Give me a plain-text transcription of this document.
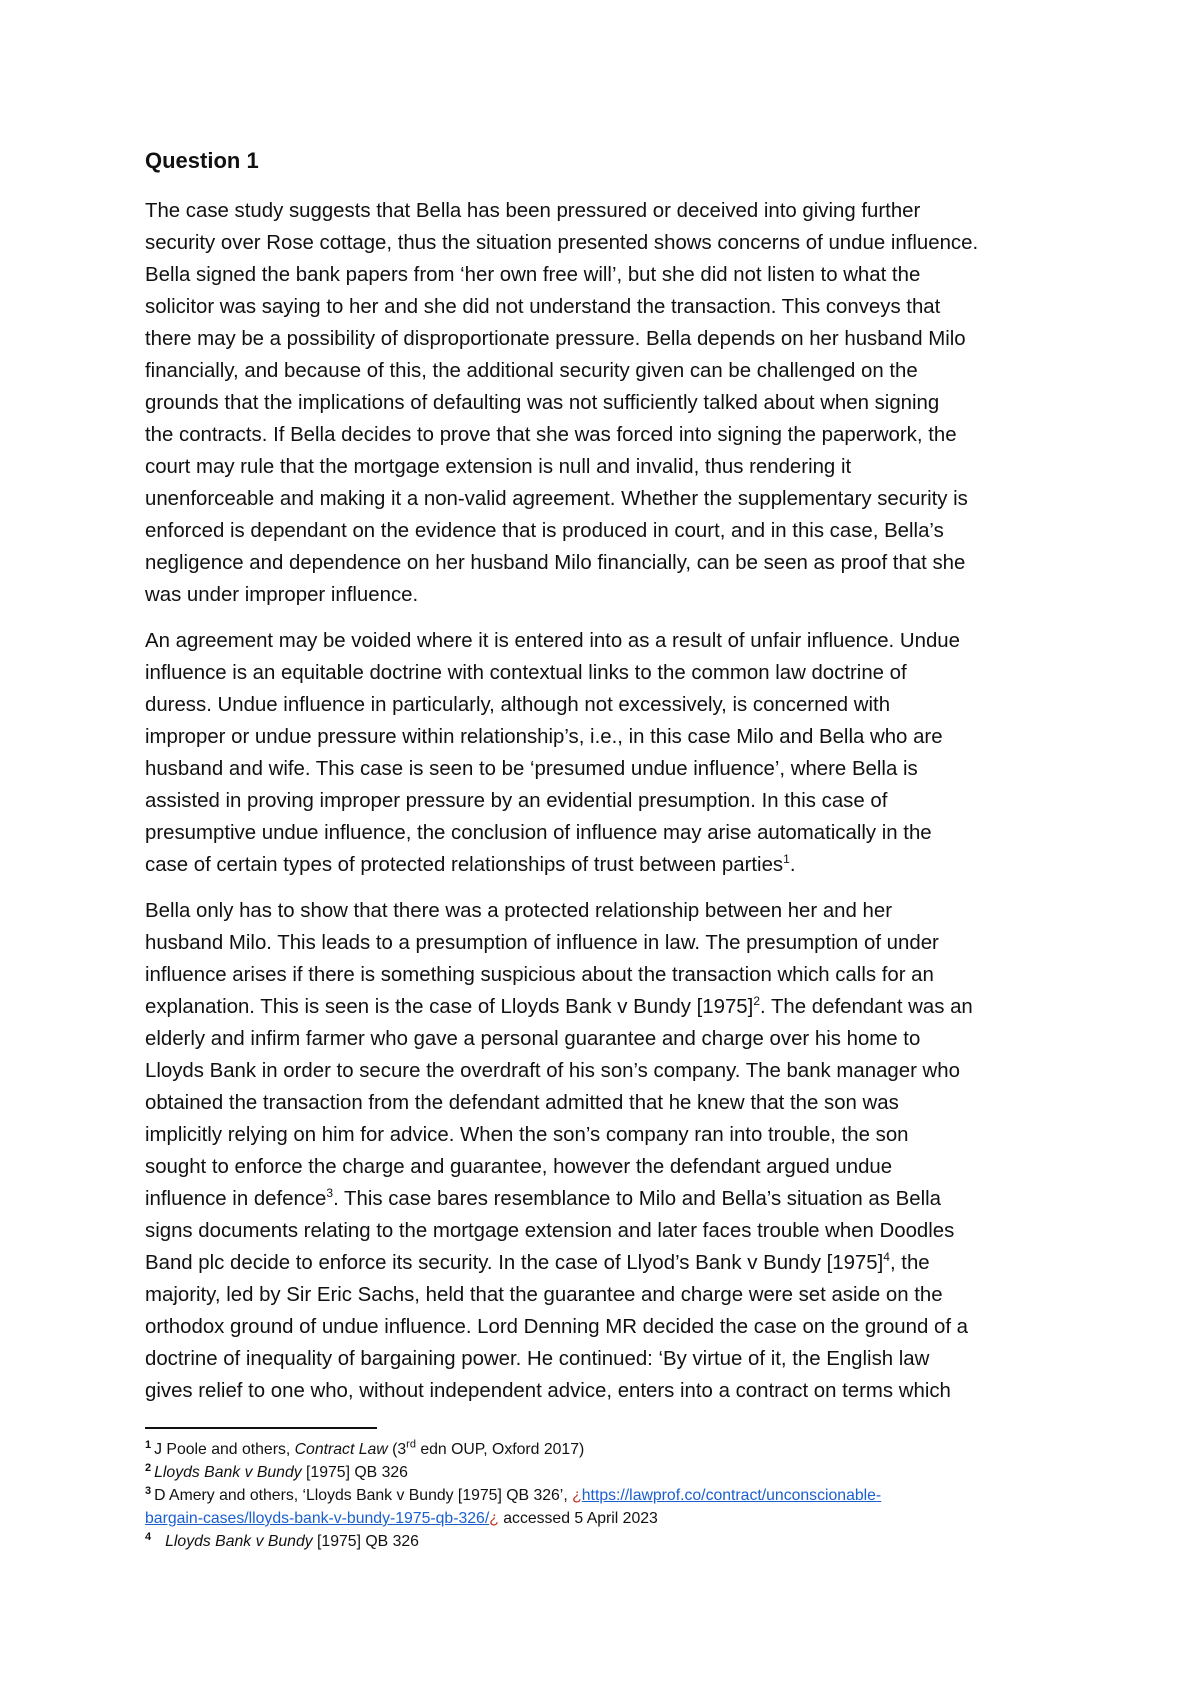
Question 1

The case study suggests that Bella has been pressured or deceived into giving further
security over Rose cottage, thus the situation presented shows concerns of undue influence.
Bella signed the bank papers from ‘her own free will’, but she did not listen to what the
solicitor was saying to her and she did not understand the transaction. This conveys that
there may be a possibility of disproportionate pressure. Bella depends on her husband Milo
financially, and because of this, the additional security given can be challenged on the
grounds that the implications of defaulting was not sufficiently talked about when signing
the contracts. If Bella decides to prove that she was forced into signing the paperwork, the
court may rule that the mortgage extension is null and invalid, thus rendering it
unenforceable and making it a non-valid agreement. Whether the supplementary security is
enforced is dependant on the evidence that is produced in court, and in this case, Bella’s
negligence and dependence on her husband Milo financially, can be seen as proof that she
was under improper influence.

An agreement may be voided where it is entered into as a result of unfair influence. Undue
influence is an equitable doctrine with contextual links to the common law doctrine of
duress. Undue influence in particularly, although not excessively, is concerned with
improper or undue pressure within relationship’s, i.e., in this case Milo and Bella who are
husband and wife. This case is seen to be ‘presumed undue influence’, where Bella is
assisted in proving improper pressure by an evidential presumption. In this case of
presumptive undue influence, the conclusion of influence may arise automatically in the
case of certain types of protected relationships of trust between parties$^1$.

Bella only has to show that there was a protected relationship between her and her
husband Milo. This leads to a presumption of influence in law. The presumption of under
influence arises if there is something suspicious about the transaction which calls for an
explanation. This is seen is the case of Lloyds Bank v Bundy $[1975]^2$. The defendant was an
elderly and infirm farmer who gave a personal guarantee and charge over his home to
Lloyds Bank in order to secure the overdraft of his son’s company. The bank manager who
obtained the transaction from the defendant admitted that he knew that the son was
implicitly relying on him for advice. When the son’s company ran into trouble, the son
sought to enforce the charge and guarantee, however the defendant argued undue
influence in defence$^3$. This case bares resemblance to Milo and Bella’s situation as Bella
signs documents relating to the mortgage extension and later faces trouble when Doodles
Band plc decide to enforce its security. In the case of Llyod’s Bank v Bundy $[1975]^4$, the
majority, led by Sir Eric Sachs, held that the guarantee and charge were set aside on the
orthodox ground of undue influence. Lord Denning MR decided the case on the ground of a
doctrine of inequality of bargaining power. He continued: ‘By virtue of it, the English law
gives relief to one who, without independent advice, enters into a contract on terms which

$^1$ J Poole and others, Contract Law (3rd edn OUP, Oxford 2017)

$^2$ Lloyds Bank v Bundy [1975] QB 326

$^3$ D Amery and others, ‘Lloyds Bank v Bundy [1975] QB 326’, ¿https://lawprof.co/contract/unconscionable-

bargain-cases/lloyds-bank-v-bundy-1975-qb-326/¿ accessed 5 April 2023

$^4$ Lloyds Bank v Bundy [1975] QB 326
